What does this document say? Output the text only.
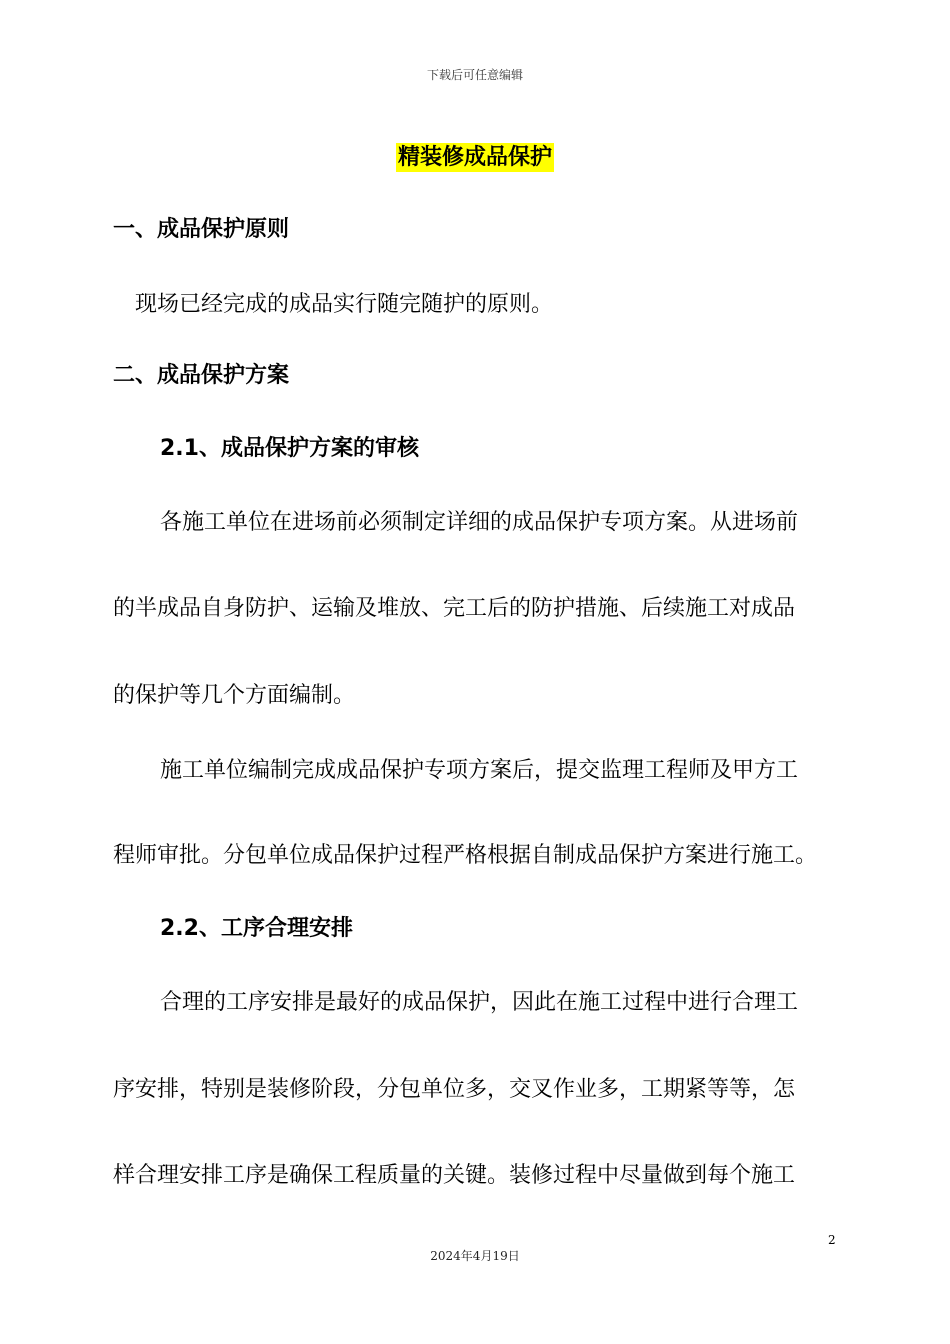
下载后可任意编辑
精装修成品保护
一、成品保护原则
现场已经完成的成品实行随完随护的原则。
二、成品保护方案
2.1、成品保护方案的审核
各施工单位在进场前必须制定详细的成品保护专项方案。从进场前
的半成品自身防护、运输及堆放、完工后的防护措施、后续施工对成品
的保护等几个方面编制。
施工单位编制完成成品保护专项方案后，提交监理工程师及甲方工
程师审批。分包单位成品保护过程严格根据自制成品保护方案进行施工。
2.2、工序合理安排
合理的工序安排是最好的成品保护，因此在施工过程中进行合理工
序安排，特别是装修阶段，分包单位多，交叉作业多，工期紧等等，怎
样合理安排工序是确保工程质量的关键。装修过程中尽量做到每个施工
2
2024年4月19日
